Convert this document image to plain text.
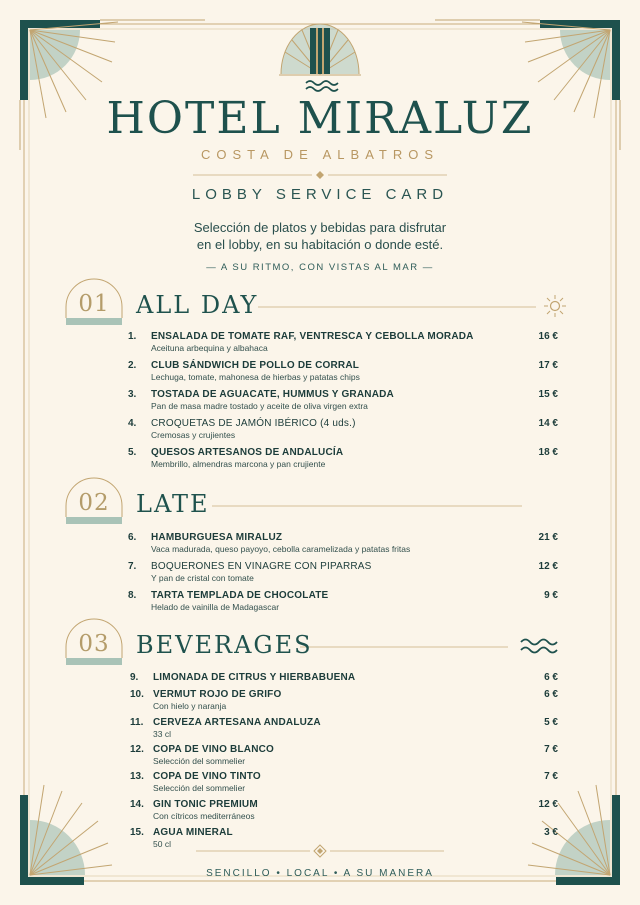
HOTEL MIRALUZ
COSTA DE ALBATROS
LOBBY SERVICE CARD
Selección de platos y bebidas para disfrutar
en el lobby, en su habitación o donde esté.
— A SU RITMO, CON VISTAS AL MAR —
01	ALL DAY
1. ENSALADA DE TOMATE RAF, VENTRESCA Y CEBOLLA MORADA
Aceituna arbequina y albahaca
16 €
2. CLUB SÁNDWICH DE POLLO DE CORRAL
Lechuga, tomate, mahonesa de hierbas y patatas chips
17 €
3. TOSTADA DE AGUACATE, HUMMUS Y GRANADA
Pan de masa madre tostado y aceite de oliva virgen extra
15 €
4. CROQUETAS DE JAMÓN IBÉRICO (4 uds.)
Cremosas y crujientes
14 €
5. QUESOS ARTESANOS DE ANDALUCÍA
Membrillo, almendras marcona y pan crujiente
18 €
02	LATE
6. HAMBURGUESA MIRALUZ
Vaca madurada, queso payoyo, cebolla caramelizada y patatas fritas
21 €
7. BOQUERONES EN VINAGRE CON PIPARRAS
Y pan de cristal con tomate
12 €
8. TARTA TEMPLADA DE CHOCOLATE
Helado de vainilla de Madagascar
9 €
03	BEVERAGES
9. LIMONADA DE CITRUS Y HIERBABUENA	6 €
10. VERMUT ROJO DE GRIFO
Con hielo y naranja
6 €
11. CERVEZA ARTESANA ANDALUZA
33 cl
5 €
12. COPA DE VINO BLANCO
Selección del sommelier
7 €
13. COPA DE VINO TINTO
Selección del sommelier
7 €
14. GIN TONIC PREMIUM
Con cítricos mediterráneos
12 €
15. AGUA MINERAL
50 cl
3 €
SENCILLO • LOCAL • A SU MANERA
